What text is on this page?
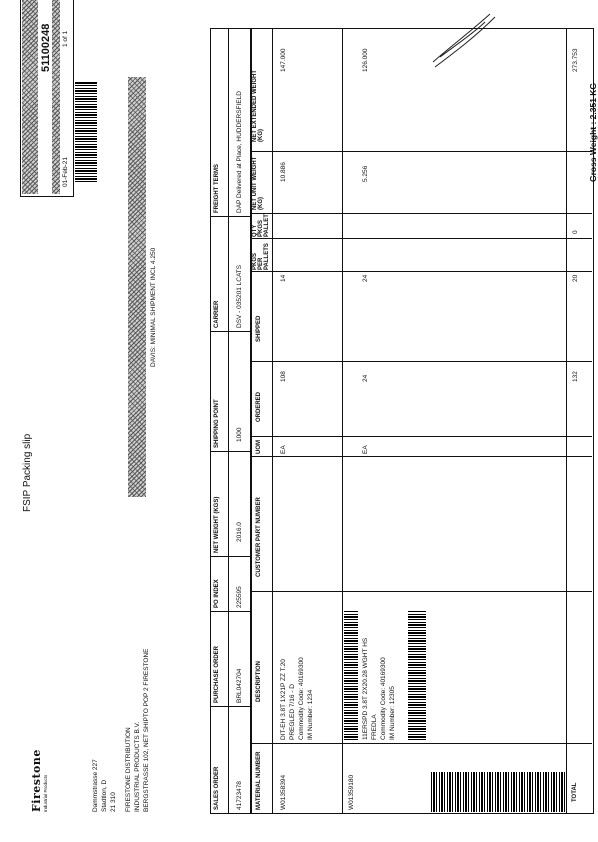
FSIP Packing slip
Firestone Industrial Products	Dammstrasse 227 Stadtlon, D 21 310
51100248
01-Feb-21
1 of 1
FIRESTONE DISTRIBUTION INDUSTRIAL PRODUCTS B.V. BERGSTRASSE 102, NET SHIPTO POP 2 FIRESTONE
DAVIS: MINIMAL SHIPMENT INCL 4.250
SALES ORDER
PURCHASE ORDER
PO INDEX
NET WEIGHT (KGS)
SHIPPING POINT
CARRIER
FREIGHT TERMS
41723478
BRL042704
225595
2016.0
1000
DSV - 035201 LCATS
DAP Delivered at Place, HUDDERSFIELD
MATERIAL NUMBER
DESCRIPTION
CUSTOMER PART NUMBER
UOM
ORDERED
SHIPPED
PKGS PER PALLETS
QTY PKGS PALLET
NET UNIT WEIGHT (KG)
NET EXTENDED WEIGHT (KG)
W01358394
DIT-EH 3.8T 1X21P ZZ T.20 PREGLED 7/16 - D Commodity Code: 40169300 IM Number: 1234
EA
108
14
10.886
147.000
W01359180
11ERSPD 3.8T 2X20.28 WGHT HS FREDLA Commodity Code: 40169300 IM Number: 12305
EA
24
24
5.256
126.000
TOTAL
132
20
0
273.753
Gross Weight : 2.351 KG
